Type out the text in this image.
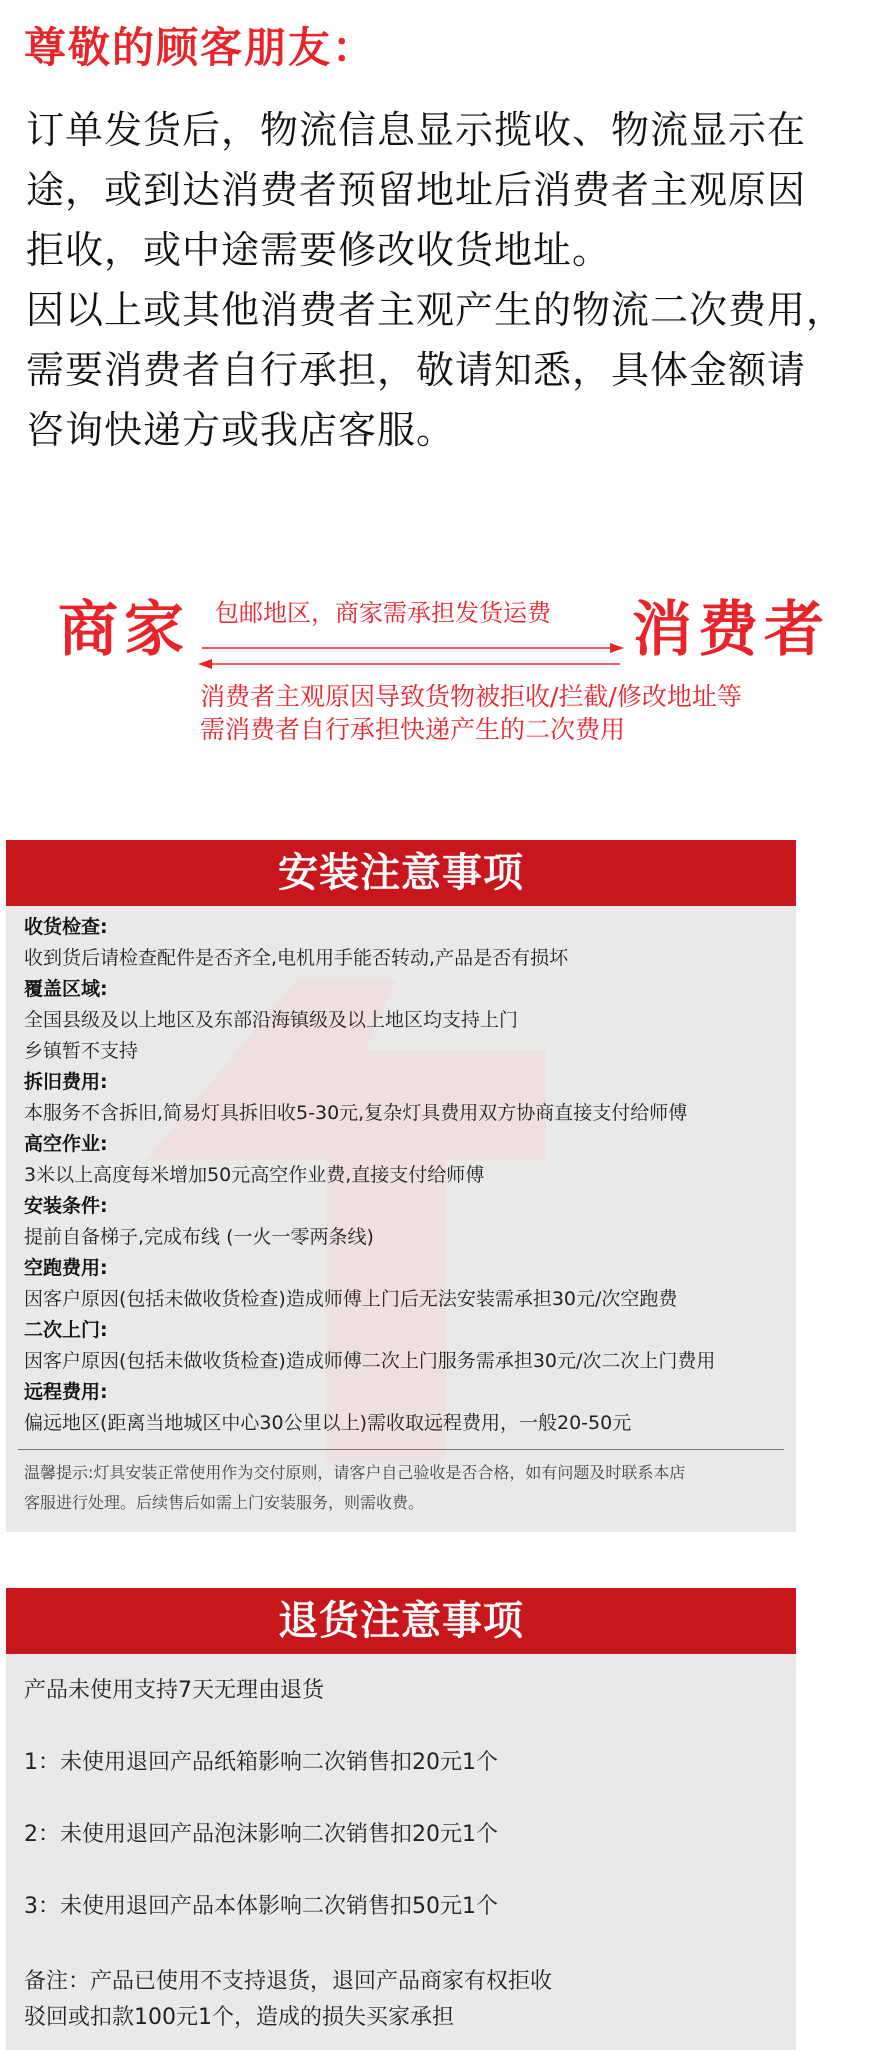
尊敬的顾客朋友：

订单发货后，物流信息显示揽收、物流显示在

途，或到达消费者预留地址后消费者主观原因

拒收，或中途需要修改收货地址。

因以上或其他消费者主观产生的物流二次费用，

需要消费者自行承担，敬请知悉，具体金额请

咨询快递方或我店客服。

商家 包邮地区，商家需承担发货运费 消费者
消费者主观原因导致货物被拒收/拦截/修改地址等
需消费者自行承担快递产生的二次费用
安装注意事项
收货检查:
收到货后请检查配件是否齐全,电机用手能否转动,产品是否有损坏
覆盖区域:
全国县级及以上地区及东部沿海镇级及以上地区均支持上门
乡镇暂不支持
拆旧费用:
本服务不含拆旧,简易灯具拆旧收5-30元,复杂灯具费用双方协商直接支付给师傅
高空作业:
3米以上高度每米增加50元高空作业费,直接支付给师傅
安装条件:
提前自备梯子,完成布线 (一火一零两条线)
空跑费用:
因客户原因(包括未做收货检查)造成师傅上门后无法安装需承担30元/次空跑费
二次上门:
因客户原因(包括未做收货检查)造成师傅二次上门服务需承担30元/次二次上门费用
远程费用:
偏远地区(距离当地城区中心30公里以上)需收取远程费用，一般20-50元
温馨提示:灯具安装正常使用作为交付原则，请客户自己验收是否合格，如有问题及时联系本店
客服进行处理。后续售后如需上门安装服务，则需收费。
退货注意事项
产品未使用支持7天无理由退货
1：未使用退回产品纸箱影响二次销售扣20元1个
2：未使用退回产品泡沫影响二次销售扣20元1个
3：未使用退回产品本体影响二次销售扣50元1个
备注：产品已使用不支持退货，退回产品商家有权拒收
驳回或扣款100元1个，造成的损失买家承担
